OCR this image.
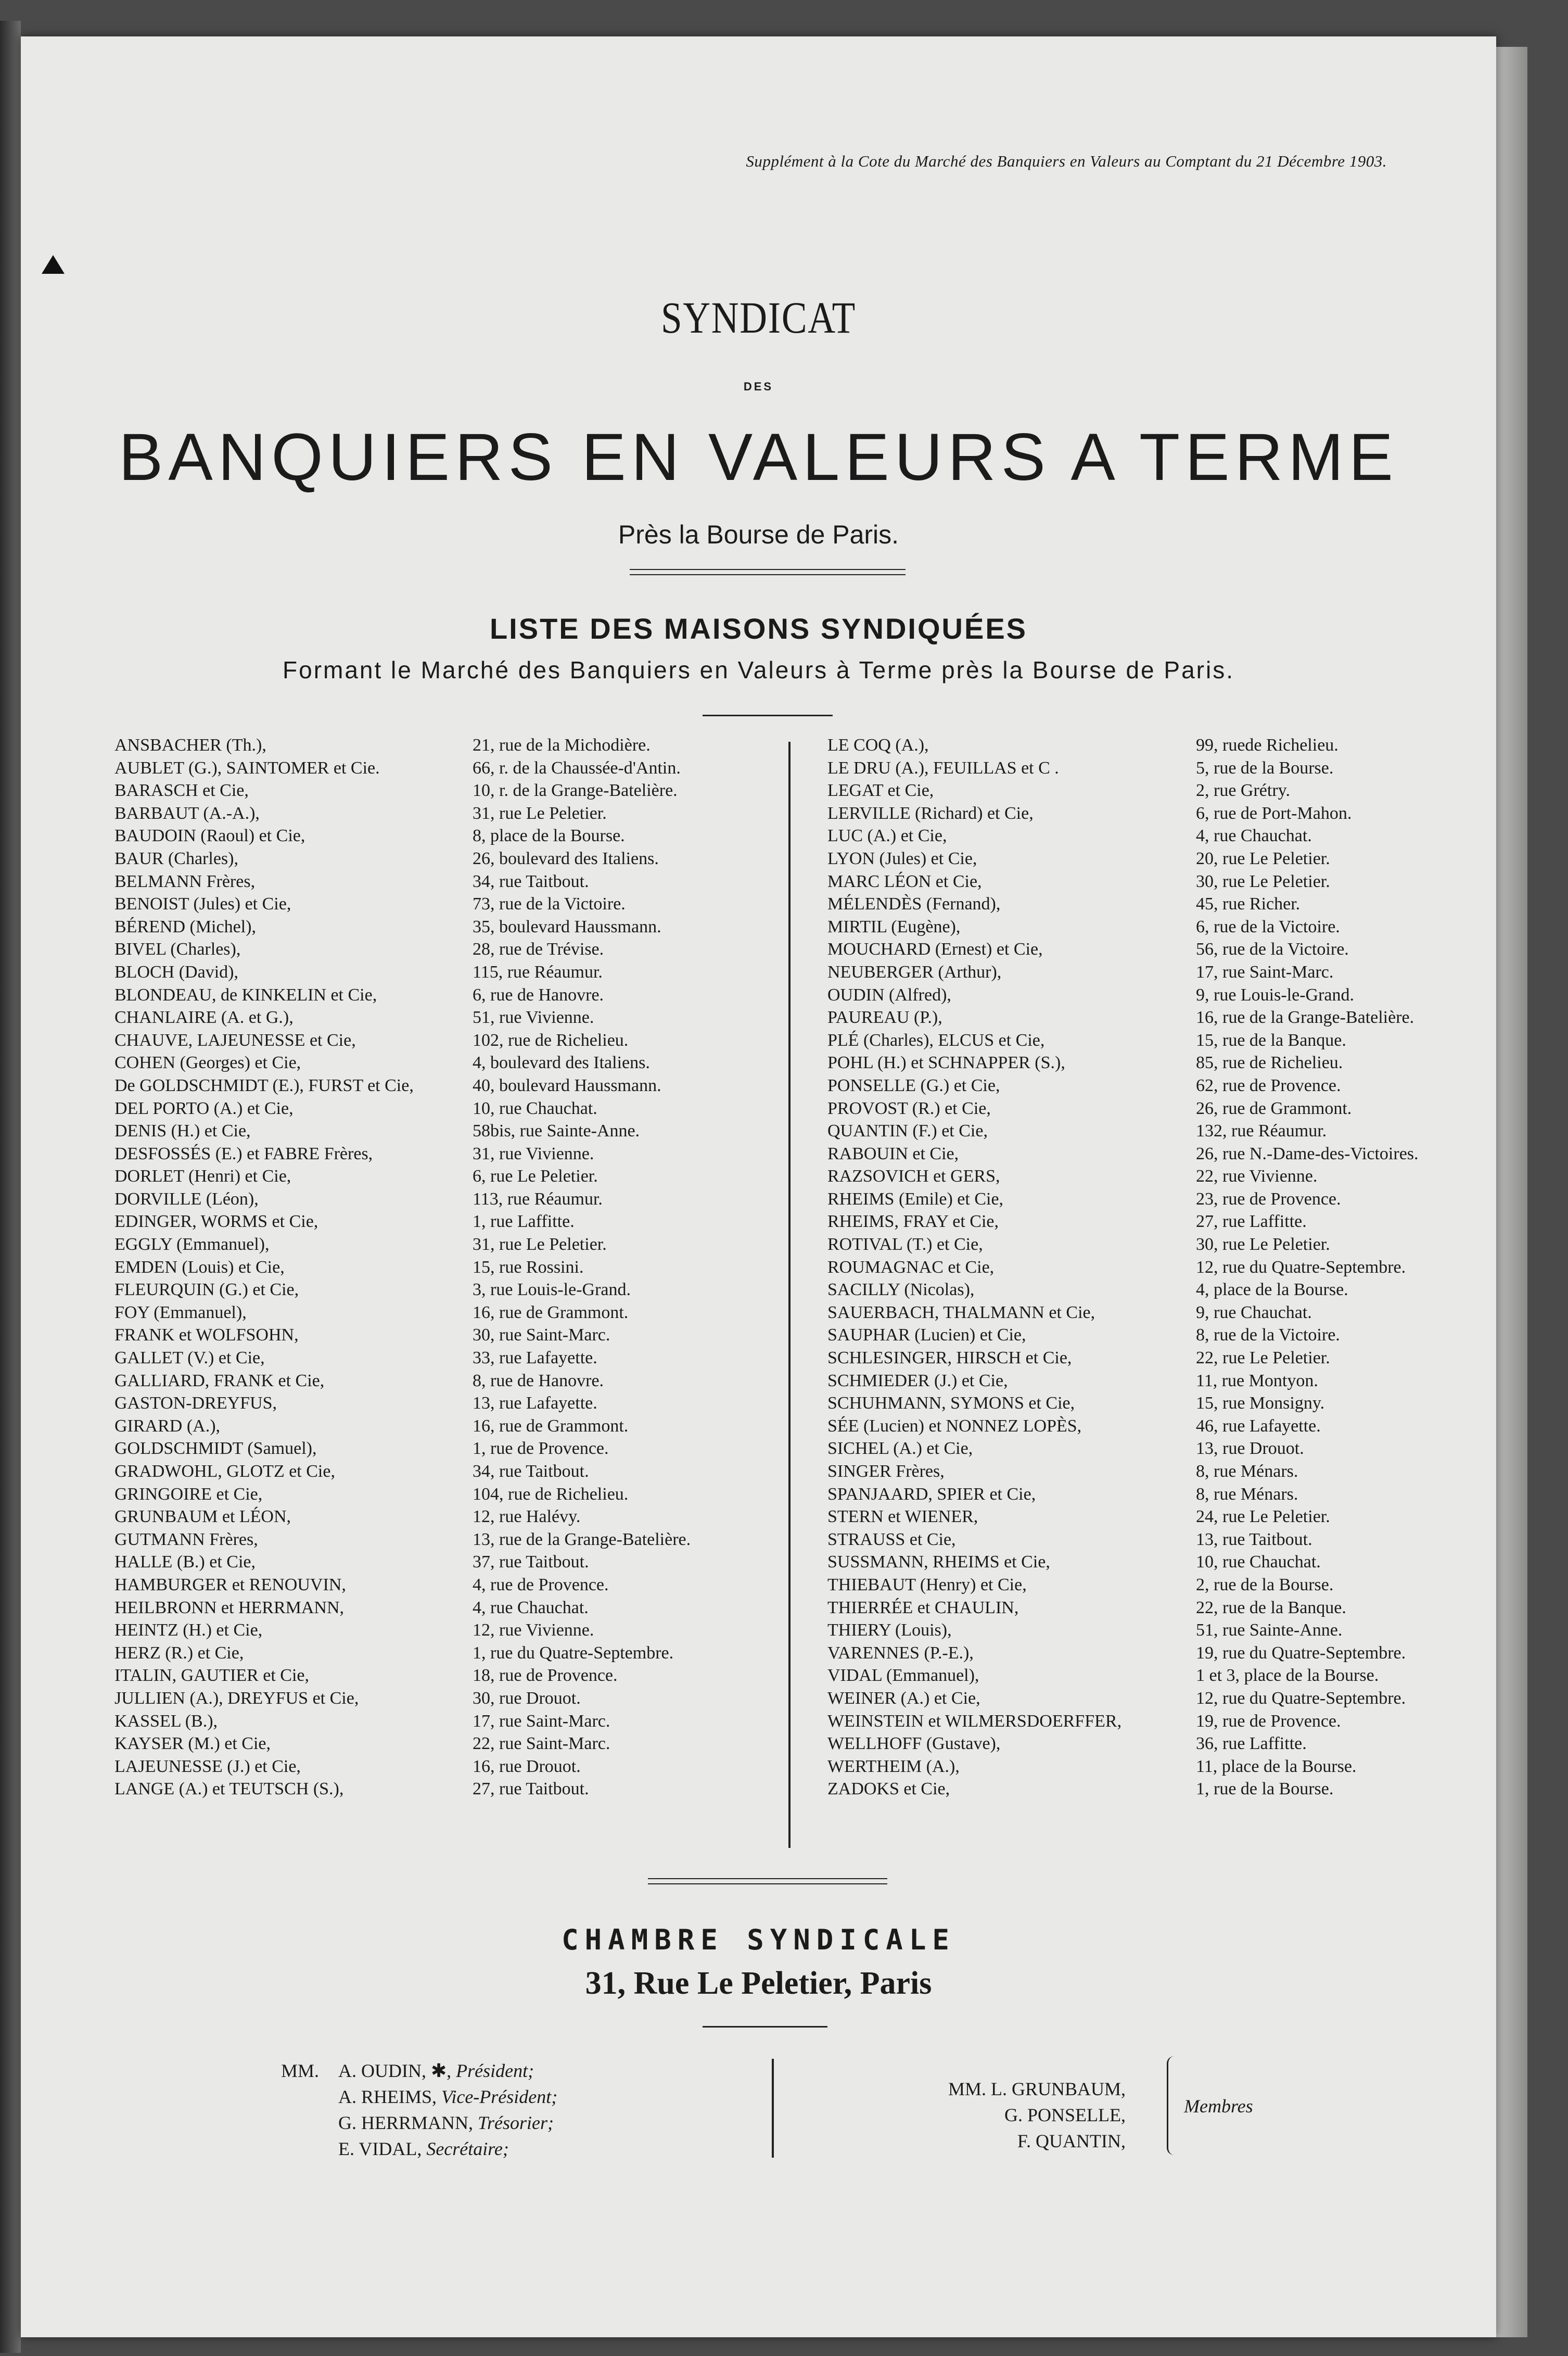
Supplément à la Cote du Marché des Banquiers en Valeurs au Comptant du 21 Décembre 1903.
SYNDICAT
DES
BANQUIERS EN VALEURS A TERME
Près la Bourse de Paris.
LISTE DES MAISONS SYNDIQUÉES
Formant le Marché des Banquiers en Valeurs à Terme près la Bourse de Paris.
ANSBACHER (Th.),	21, rue de la Michodière.
AUBLET (G.), SAINTOMER et Cie.	66, r. de la Chaussée-d'Antin.
BARASCH et Cie,	10, r. de la Grange-Batelière.
BARBAUT (A.-A.),	31, rue Le Peletier.
BAUDOIN (Raoul) et Cie,	8, place de la Bourse.
BAUR (Charles),	26, boulevard des Italiens.
BELMANN Frères,	34, rue Taitbout.
BENOIST (Jules) et Cie,	73, rue de la Victoire.
BÉREND (Michel),	35, boulevard Haussmann.
BIVEL (Charles),	28, rue de Trévise.
BLOCH (David),	115, rue Réaumur.
BLONDEAU, de KINKELIN et Cie,	6, rue de Hanovre.
CHANLAIRE (A. et G.),	51, rue Vivienne.
CHAUVE, LAJEUNESSE et Cie,	102, rue de Richelieu.
COHEN (Georges) et Cie,	4, boulevard des Italiens.
De GOLDSCHMIDT (E.), FURST et Cie,	40, boulevard Haussmann.
DEL PORTO (A.) et Cie,	10, rue Chauchat.
DENIS (H.) et Cie,	58bis, rue Sainte-Anne.
DESFOSSÉS (E.) et FABRE Frères,	31, rue Vivienne.
DORLET (Henri) et Cie,	6, rue Le Peletier.
DORVILLE (Léon),	113, rue Réaumur.
EDINGER, WORMS et Cie,	1, rue Laffitte.
EGGLY (Emmanuel),	31, rue Le Peletier.
EMDEN (Louis) et Cie,	15, rue Rossini.
FLEURQUIN (G.) et Cie,	3, rue Louis-le-Grand.
FOY (Emmanuel),	16, rue de Grammont.
FRANK et WOLFSOHN,	30, rue Saint-Marc.
GALLET (V.) et Cie,	33, rue Lafayette.
GALLIARD, FRANK et Cie,	8, rue de Hanovre.
GASTON-DREYFUS,	13, rue Lafayette.
GIRARD (A.),	16, rue de Grammont.
GOLDSCHMIDT (Samuel),	1, rue de Provence.
GRADWOHL, GLOTZ et Cie,	34, rue Taitbout.
GRINGOIRE et Cie,	104, rue de Richelieu.
GRUNBAUM et LÉON,	12, rue Halévy.
GUTMANN Frères,	13, rue de la Grange-Batelière.
HALLE (B.) et Cie,	37, rue Taitbout.
HAMBURGER et RENOUVIN,	4, rue de Provence.
HEILBRONN et HERRMANN,	4, rue Chauchat.
HEINTZ (H.) et Cie,	12, rue Vivienne.
HERZ (R.) et Cie,	1, rue du Quatre-Septembre.
ITALIN, GAUTIER et Cie,	18, rue de Provence.
JULLIEN (A.), DREYFUS et Cie,	30, rue Drouot.
KASSEL (B.),	17, rue Saint-Marc.
KAYSER (M.) et Cie,	22, rue Saint-Marc.
LAJEUNESSE (J.) et Cie,	16, rue Drouot.
LANGE (A.) et TEUTSCH (S.),	27, rue Taitbout.
LE COQ (A.),	99, ruede Richelieu.
LE DRU (A.), FEUILLAS et C .	5, rue de la Bourse.
LEGAT et Cie,	2, rue Grétry.
LERVILLE (Richard) et Cie,	6, rue de Port-Mahon.
LUC (A.) et Cie,	4, rue Chauchat.
LYON (Jules) et Cie,	20, rue Le Peletier.
MARC LÉON et Cie,	30, rue Le Peletier.
MÉLENDÈS (Fernand),	45, rue Richer.
MIRTIL (Eugène),	6, rue de la Victoire.
MOUCHARD (Ernest) et Cie,	56, rue de la Victoire.
NEUBERGER (Arthur),	17, rue Saint-Marc.
OUDIN (Alfred),	9, rue Louis-le-Grand.
PAUREAU (P.),	16, rue de la Grange-Batelière.
PLÉ (Charles), ELCUS et Cie,	15, rue de la Banque.
POHL (H.) et SCHNAPPER (S.),	85, rue de Richelieu.
PONSELLE (G.) et Cie,	62, rue de Provence.
PROVOST (R.) et Cie,	26, rue de Grammont.
QUANTIN (F.) et Cie,	132, rue Réaumur.
RABOUIN et Cie,	26, rue N.-Dame-des-Victoires.
RAZSOVICH et GERS,	22, rue Vivienne.
RHEIMS (Emile) et Cie,	23, rue de Provence.
RHEIMS, FRAY et Cie,	27, rue Laffitte.
ROTIVAL (T.) et Cie,	30, rue Le Peletier.
ROUMAGNAC et Cie,	12, rue du Quatre-Septembre.
SACILLY (Nicolas),	4, place de la Bourse.
SAUERBACH, THALMANN et Cie,	9, rue Chauchat.
SAUPHAR (Lucien) et Cie,	8, rue de la Victoire.
SCHLESINGER, HIRSCH et Cie,	22, rue Le Peletier.
SCHMIEDER (J.) et Cie,	11, rue Montyon.
SCHUHMANN, SYMONS et Cie,	15, rue Monsigny.
SÉE (Lucien) et NONNEZ LOPÈS,	46, rue Lafayette.
SICHEL (A.) et Cie,	13, rue Drouot.
SINGER Frères,	8, rue Ménars.
SPANJAARD, SPIER et Cie,	8, rue Ménars.
STERN et WIENER,	24, rue Le Peletier.
STRAUSS et Cie,	13, rue Taitbout.
SUSSMANN, RHEIMS et Cie,	10, rue Chauchat.
THIEBAUT (Henry) et Cie,	2, rue de la Bourse.
THIERRÉE et CHAULIN,	22, rue de la Banque.
THIERY (Louis),	51, rue Sainte-Anne.
VARENNES (P.-E.),	19, rue du Quatre-Septembre.
VIDAL (Emmanuel),	1 et 3, place de la Bourse.
WEINER (A.) et Cie,	12, rue du Quatre-Septembre.
WEINSTEIN et WILMERSDOERFFER,	19, rue de Provence.
WELLHOFF (Gustave),	36, rue Laffitte.
WERTHEIM (A.),	11, place de la Bourse.
ZADOKS et Cie,	1, rue de la Bourse.
CHAMBRE SYNDICALE
31, Rue Le Peletier, Paris
MM. A. OUDIN, ✱, Président;
A. RHEIMS, Vice-Président;
G. HERRMANN, Trésorier;
E. VIDAL, Secrétaire;
MM. L. GRUNBAUM,
G. PONSELLE,
F. QUANTIN,
Membres
